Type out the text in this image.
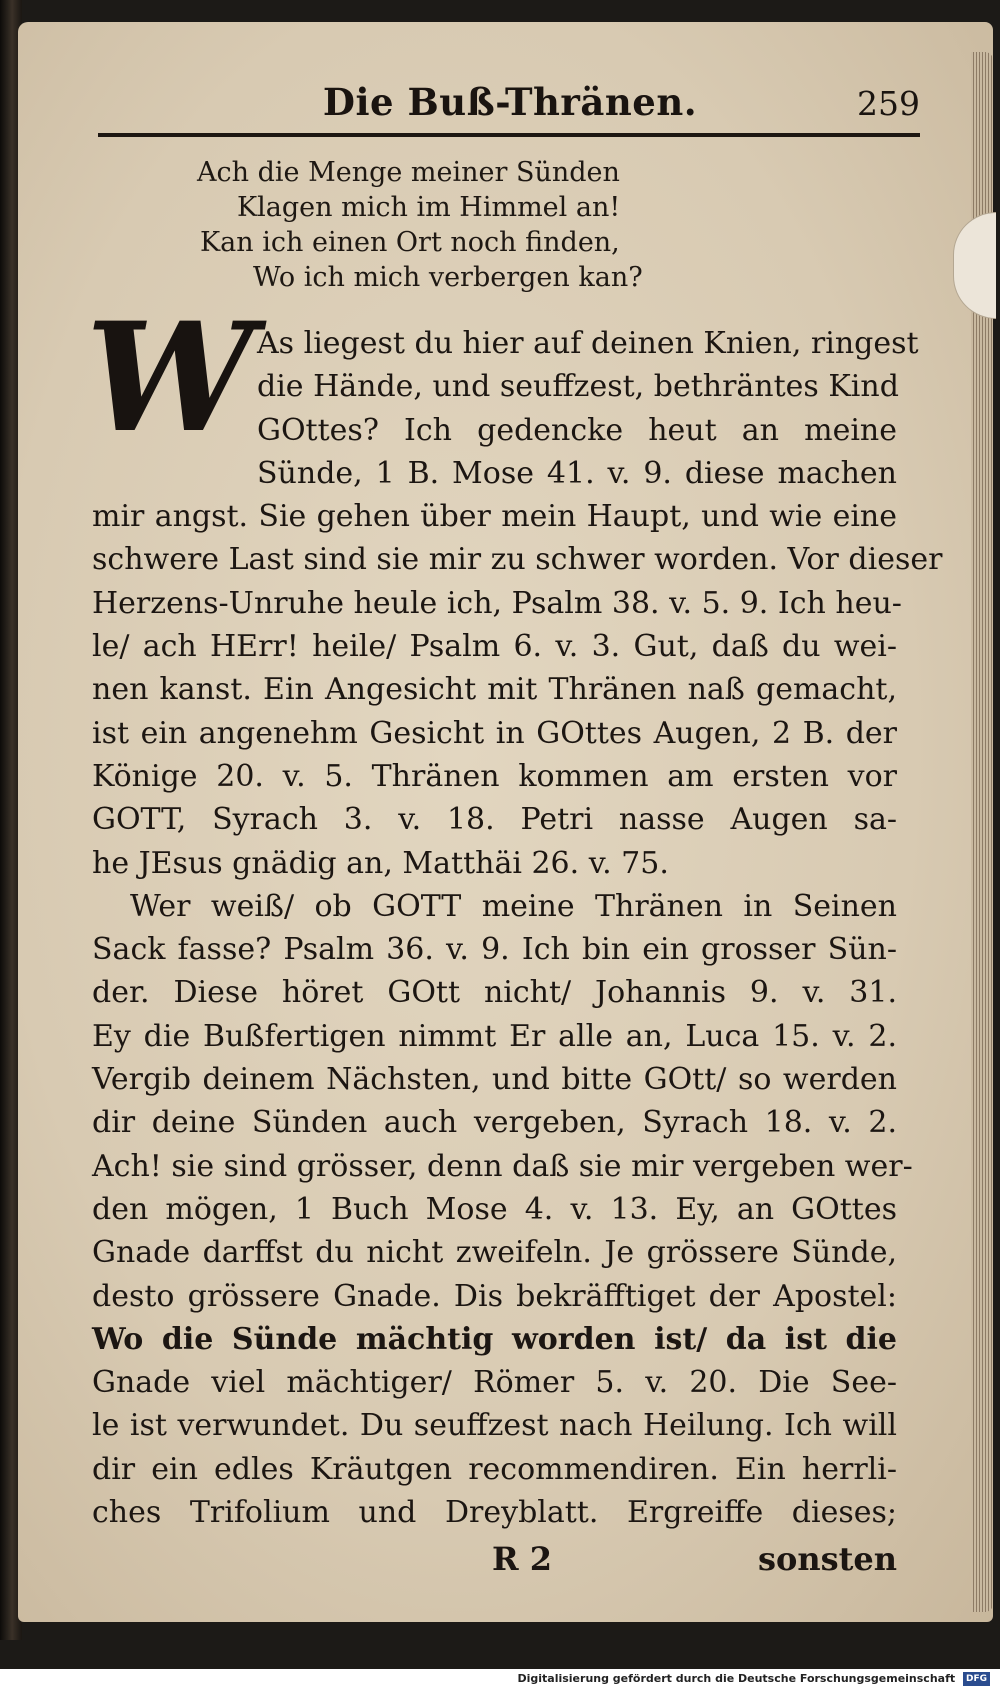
Die Buß-Thränen.	259
Ach die Menge meiner Sünden
Klagen mich im Himmel an!
Kan ich einen Ort noch finden,
Wo ich mich verbergen kan?
W As liegest du hier auf deinen Knien, ringest
die Hände, und seuffzest, bethräntes Kind
GOttes? Ich gedencke heut an meine
Sünde, 1 B. Mose 41. v. 9. diese machen
mir angst. Sie gehen über mein Haupt, und wie eine
schwere Last sind sie mir zu schwer worden. Vor dieser
Herzens-Unruhe heule ich, Psalm 38. v. 5. 9. Ich heu-
le/ ach HErr! heile/ Psalm 6. v. 3. Gut, daß du wei-
nen kanst. Ein Angesicht mit Thränen naß gemacht,
ist ein angenehm Gesicht in GOttes Augen, 2 B. der
Könige 20. v. 5. Thränen kommen am ersten vor
GOTT, Syrach 3. v. 18. Petri nasse Augen sa-
he JEsus gnädig an, Matthäi 26. v. 75.
Wer weiß/ ob GOTT meine Thränen in Seinen
Sack fasse? Psalm 36. v. 9. Ich bin ein grosser Sün-
der. Diese höret GOtt nicht/ Johannis 9. v. 31.
Ey die Bußfertigen nimmt Er alle an, Luca 15. v. 2.
Vergib deinem Nächsten, und bitte GOtt/ so werden
dir deine Sünden auch vergeben, Syrach 18. v. 2.
Ach! sie sind grösser, denn daß sie mir vergeben wer-
den mögen, 1 Buch Mose 4. v. 13. Ey, an GOttes
Gnade darffst du nicht zweifeln. Je grössere Sünde,
desto grössere Gnade. Dis bekräfftiget der Apostel:
Wo die Sünde mächtig worden ist/ da ist die
Gnade viel mächtiger/ Römer 5. v. 20. Die See-
le ist verwundet. Du seuffzest nach Heilung. Ich will
dir ein edles Kräutgen recommendiren. Ein herrli-
ches Trifolium und Dreyblatt. Ergreiffe dieses;
R 2	sonsten
Digitalisierung gefördert durch die Deutsche Forschungsgemeinschaft DFG
